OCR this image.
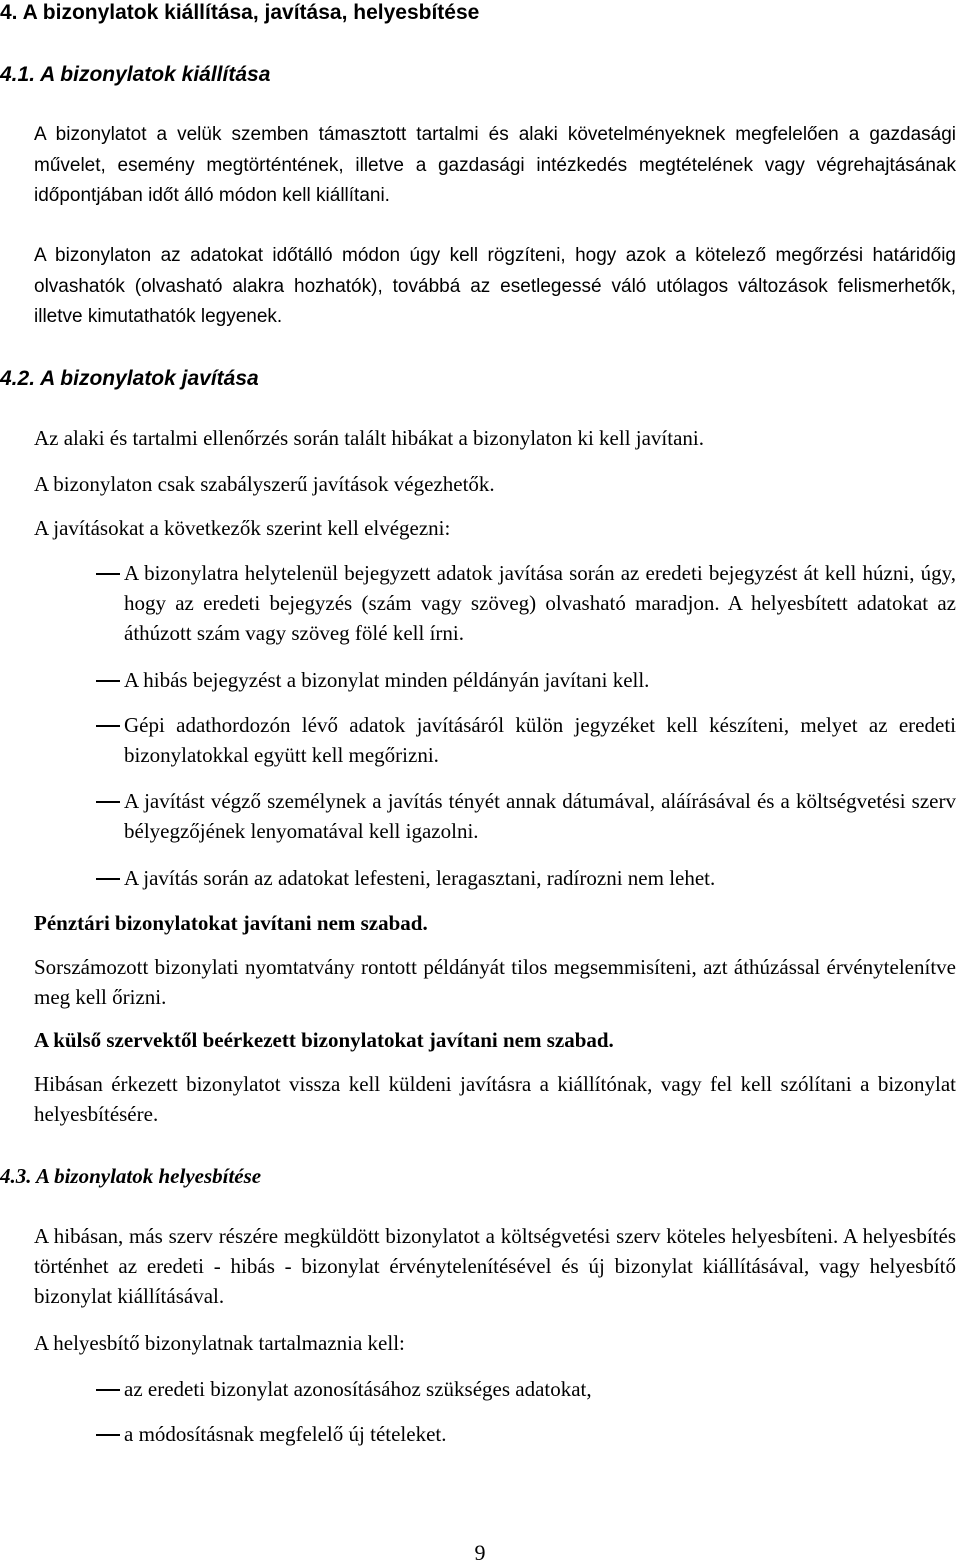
4. A bizonylatok kiállítása, javítása, helyesbítése
4.1. A bizonylatok kiállítása

A bizonylatot a velük szemben támasztott tartalmi és alaki követelményeknek megfelelően a gazdasági művelet, esemény megtörténtének, illetve a gazdasági intézkedés megtételének vagy végrehajtásának időpontjában időt álló módon kell kiállítani.

A bizonylaton az adatokat időtálló módon úgy kell rögzíteni, hogy azok a kötelező megőrzési határidőig olvashatók (olvasható alakra hozhatók), továbbá az esetlegessé váló utólagos változások felismerhetők, illetve kimutathatók legyenek.

4.2. A bizonylatok javítása

Az alaki és tartalmi ellenőrzés során talált hibákat a bizonylaton ki kell javítani.

A bizonylaton csak szabályszerű javítások végezhetők.

A javításokat a következők szerint kell elvégezni:

A bizonylatra helytelenül bejegyzett adatok javítása során az eredeti bejegyzést át kell húzni, úgy, hogy az eredeti bejegyzés (szám vagy szöveg) olvasható maradjon. A helyesbített adatokat az áthúzott szám vagy szöveg fölé kell írni.

A hibás bejegyzést a bizonylat minden példányán javítani kell.

Gépi adathordozón lévő adatok javításáról külön jegyzéket kell készíteni, melyet az eredeti bizonylatokkal együtt kell megőrizni.

A javítást végző személynek a javítás tényét annak dátumával, aláírásával és a költségvetési szerv bélyegzőjének lenyomatával kell igazolni.

A javítás során az adatokat lefesteni, leragasztani, radírozni nem lehet.

Pénztári bizonylatokat javítani nem szabad.

Sorszámozott bizonylati nyomtatvány rontott példányát tilos megsemmisíteni, azt áthúzással érvénytelenítve meg kell őrizni.

A külső szervektől beérkezett bizonylatokat javítani nem szabad.

Hibásan érkezett bizonylatot vissza kell küldeni javításra a kiállítónak, vagy fel kell szólítani a bizonylat helyesbítésére.

4.3. A bizonylatok helyesbítése

A hibásan, más szerv részére megküldött bizonylatot a költségvetési szerv köteles helyesbíteni. A helyesbítés történhet az eredeti - hibás - bizonylat érvénytelenítésével és új bizonylat kiállításával, vagy helyesbítő bizonylat kiállításával.

A helyesbítő bizonylatnak tartalmaznia kell:

az eredeti bizonylat azonosításához szükséges adatokat,

a módosításnak megfelelő új tételeket.

9
